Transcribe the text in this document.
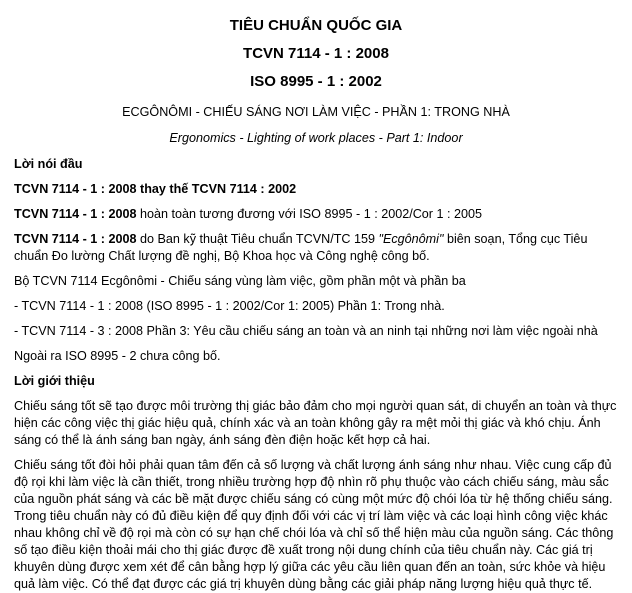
TIÊU CHUẨN QUỐC GIA
TCVN 7114 - 1 : 2008
ISO 8995 - 1 : 2002
ECGÔNÔMI - CHIẾU SÁNG NƠI LÀM VIỆC - PHẦN 1: TRONG NHÀ
Ergonomics - Lighting of work places - Part 1: Indoor

Lời nói đầu

TCVN 7114 - 1 : 2008 thay thế TCVN 7114 : 2002

TCVN 7114 - 1 : 2008 hoàn toàn tương đương với ISO 8995 - 1 : 2002/Cor 1 : 2005

TCVN 7114 - 1 : 2008 do Ban kỹ thuật Tiêu chuẩn TCVN/TC 159 "Ecgônômi" biên soạn, Tổng cục Tiêu chuẩn Đo lường Chất lượng đề nghị, Bộ Khoa học và Công nghệ công bố.

Bộ TCVN 7114 Ecgônômi - Chiếu sáng vùng làm việc, gồm phần một và phần ba

- TCVN 7114 - 1 : 2008 (ISO 8995 - 1 : 2002/Cor 1: 2005) Phần 1: Trong nhà.

- TCVN 7114 - 3 : 2008 Phần 3: Yêu cầu chiếu sáng an toàn và an ninh tại những nơi làm việc ngoài nhà

Ngoài ra ISO 8995 - 2 chưa công bố.

Lời giới thiệu

Chiếu sáng tốt sẽ tạo được môi trường thị giác bảo đảm cho mọi người quan sát, di chuyển an toàn và thực hiện các công việc thị giác hiệu quả, chính xác và an toàn không gây ra mệt mỏi thị giác và khó chịu. Ánh sáng có thể là ánh sáng ban ngày, ánh sáng đèn điện hoặc kết hợp cả hai.

Chiếu sáng tốt đòi hỏi phải quan tâm đến cả số lượng và chất lượng ánh sáng như nhau. Việc cung cấp đủ độ rọi khi làm việc là cần thiết, trong nhiều trường hợp độ nhìn rõ phụ thuộc vào cách chiếu sáng, màu sắc của nguồn phát sáng và các bề mặt được chiếu sáng có cùng một mức độ chói lóa từ hệ thống chiếu sáng. Trong tiêu chuẩn này có đủ điều kiện để quy định đối với các vị trí làm việc và các loại hình công việc khác nhau không chỉ về độ rọi mà còn có sự hạn chế chói lóa và chỉ số thể hiện màu của nguồn sáng. Các thông số tạo điều kiện thoải mái cho thị giác được đề xuất trong nội dung chính của tiêu chuẩn này. Các giá trị khuyên dùng được xem xét để cân bằng hợp lý giữa các yêu cầu liên quan đến an toàn, sức khỏe và hiệu quả làm việc. Có thể đạt được các giá trị khuyên dùng bằng các giải pháp năng lượng hiệu quả thực tế.
